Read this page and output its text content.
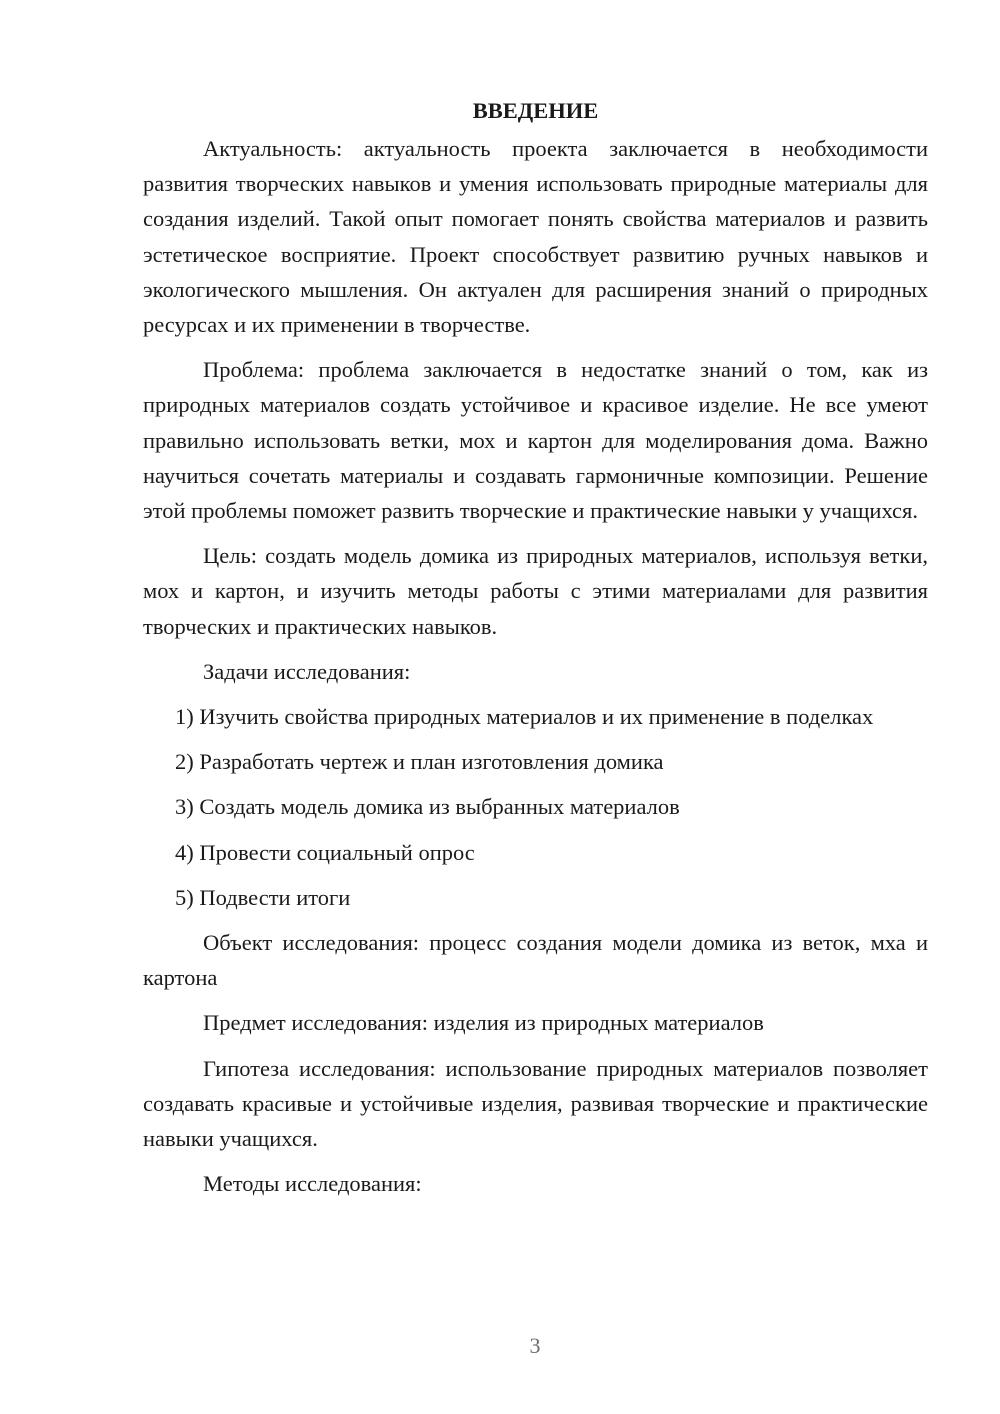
ВВЕДЕНИЕ

Актуальность: актуальность проекта заключается в необходимости развития творческих навыков и умения использовать природные материалы для создания изделий. Такой опыт помогает понять свойства материалов и развить эстетическое восприятие. Проект способствует развитию ручных навыков и экологического мышления. Он актуален для расширения знаний о природных ресурсах и их применении в творчестве.

Проблема: проблема заключается в недостатке знаний о том, как из природных материалов создать устойчивое и красивое изделие. Не все умеют правильно использовать ветки, мох и картон для моделирования дома. Важно научиться сочетать материалы и создавать гармоничные композиции. Решение этой проблемы поможет развить творческие и практические навыки у учащихся.

Цель: создать модель домика из природных материалов, используя ветки, мох и картон, и изучить методы работы с этими материалами для развития творческих и практических навыков.

Задачи исследования:

1) Изучить свойства природных материалов и их применение в поделках

2) Разработать чертеж и план изготовления домика

3) Создать модель домика из выбранных материалов

4) Провести социальный опрос

5) Подвести итоги

Объект исследования: процесс создания модели домика из веток, мха и картона

Предмет исследования: изделия из природных материалов

Гипотеза исследования: использование природных материалов позволяет создавать красивые и устойчивые изделия, развивая творческие и практические навыки учащихся.

Методы исследования:

3
